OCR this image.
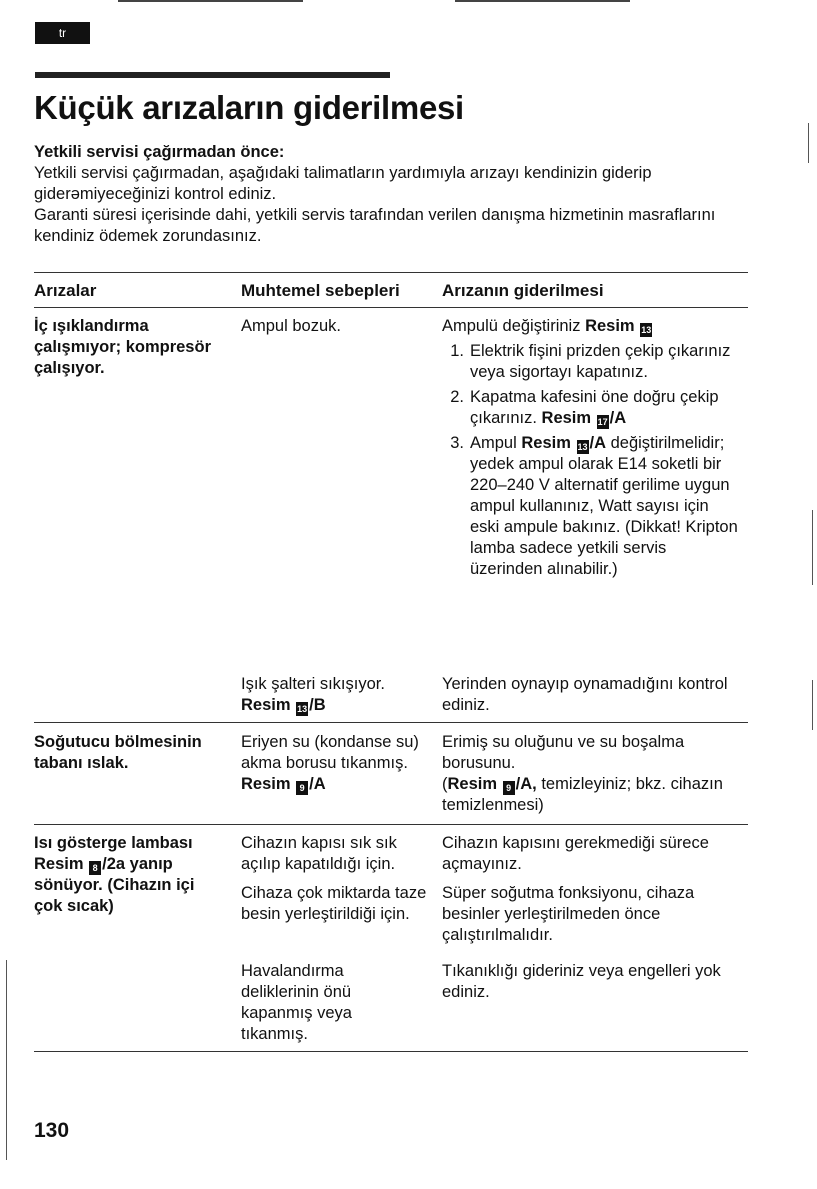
tr
Küçük arızaların giderilmesi

Yetkili servisi çağırmadan önce:

Yetkili servisi çağırmadan, aşağıdaki talimatların yardımıyla arızayı kendinizin giderip giderəmiyeceğinizi kontrol ediniz.

Garanti süresi içerisinde dahi, yetkili servis tarafından verilen danışma hizmetinin masraflarını kendiniz ödemek zorundasınız.

Arızalar	Muhtemel sebepleri Arızanın giderilmesi
İç ışıklandırma çalışmıyor; kompresör çalışıyor.
Ampul bozuk.	Ampulü değiştiriniz Resim 13

1. Elektrik fişini prizden çekip çıkarınız veya sigortayı kapatınız.
2. Kapatma kafesini öne doğru çekip çıkarınız. Resim 17 /A
3. Ampul Resim 13 /A değiştirilmelidir; yedek ampul olarak E14 soketli bir 220–240 V alternatif gerilime uygun ampul kullanınız, Watt sayısı için eski ampule bakınız. (Dikkat! Kripton lamba sadece yetkili servis üzerinden alınabilir.)

Işık şalteri sıkışıyor.

Resim 13 /B

Yerinden oynayıp oynamadığını kontrol ediniz.
Soğutucu bölmesinin tabanı ıslak.

Eriyen su (kondanse su) akma borusu tıkanmış.

Resim 9 /A

Erimiş su oluğunu ve su boşalma borusunu.

(Resim 9 /A, temizleyiniz; bkz. cihazın temizlenmesi)

Isı gösterge lambası Resim 8 /2a yanıp sönüyor. (Cihazın içi çok sıcak)
Cihazın kapısı sık sık açılıp kapatıldığı için.
Cihazın kapısını gerekmediği sürece açmayınız.
Cihaza çok miktarda taze besin yerleştirildiği için.
Süper soğutma fonksiyonu, cihaza besinler yerleştirilmeden önce çalıştırılmalıdır.
Havalandırma deliklerinin önü kapanmış veya tıkanmış.
Tıkanıklığı gideriniz veya engelleri yok ediniz.
130
